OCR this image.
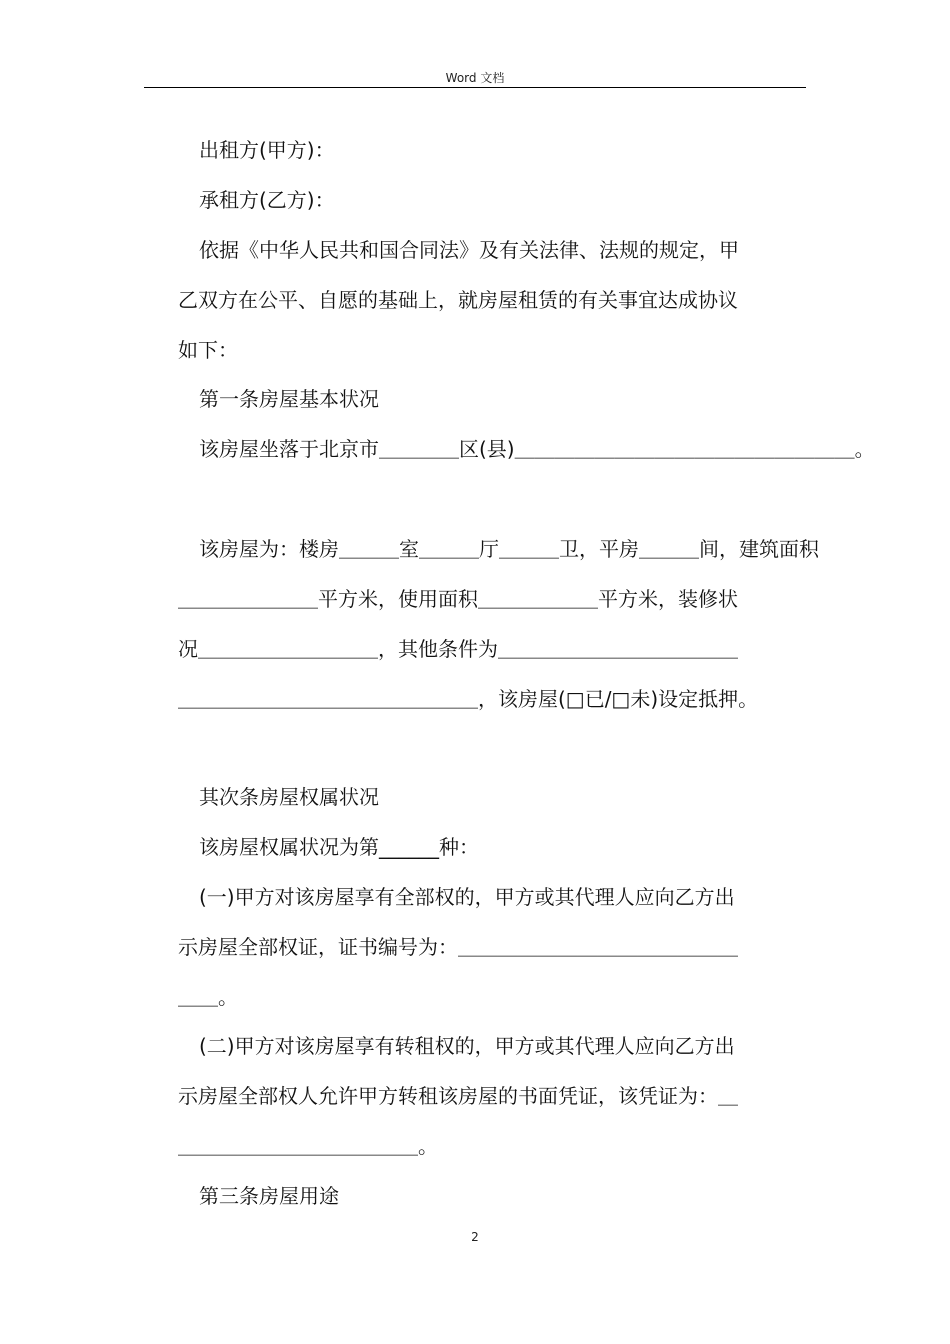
Word 文档
出租方(甲方)：
承租方(乙方)：
依据《中华人民共和国合同法》及有关法律、法规的规定，甲
乙双方在公平、自愿的基础上，就房屋租赁的有关事宜达成协议
如下：
第一条房屋基本状况
该房屋坐落于北京市＿＿＿＿区(县)＿＿＿＿＿＿＿＿＿＿＿＿＿＿＿＿＿。
该房屋为：楼房＿＿＿室＿＿＿厅＿＿＿卫，平房＿＿＿间，建筑面积
＿＿＿＿＿＿＿平方米，使用面积＿＿＿＿＿＿平方米，装修状
况＿＿＿＿＿＿＿＿＿，其他条件为＿＿＿＿＿＿＿＿＿＿＿＿
＿＿＿＿＿＿＿＿＿＿＿＿＿＿＿，该房屋(□已/□未)设定抵押。
其次条房屋权属状况
该房屋权属状况为第______种：
(一)甲方对该房屋享有全部权的，甲方或其代理人应向乙方出
示房屋全部权证，证书编号为：＿＿＿＿＿＿＿＿＿＿＿＿＿＿
＿＿。
(二)甲方对该房屋享有转租权的，甲方或其代理人应向乙方出
示房屋全部权人允许甲方转租该房屋的书面凭证，该凭证为：＿
＿＿＿＿＿＿＿＿＿＿＿＿。
第三条房屋用途
2
